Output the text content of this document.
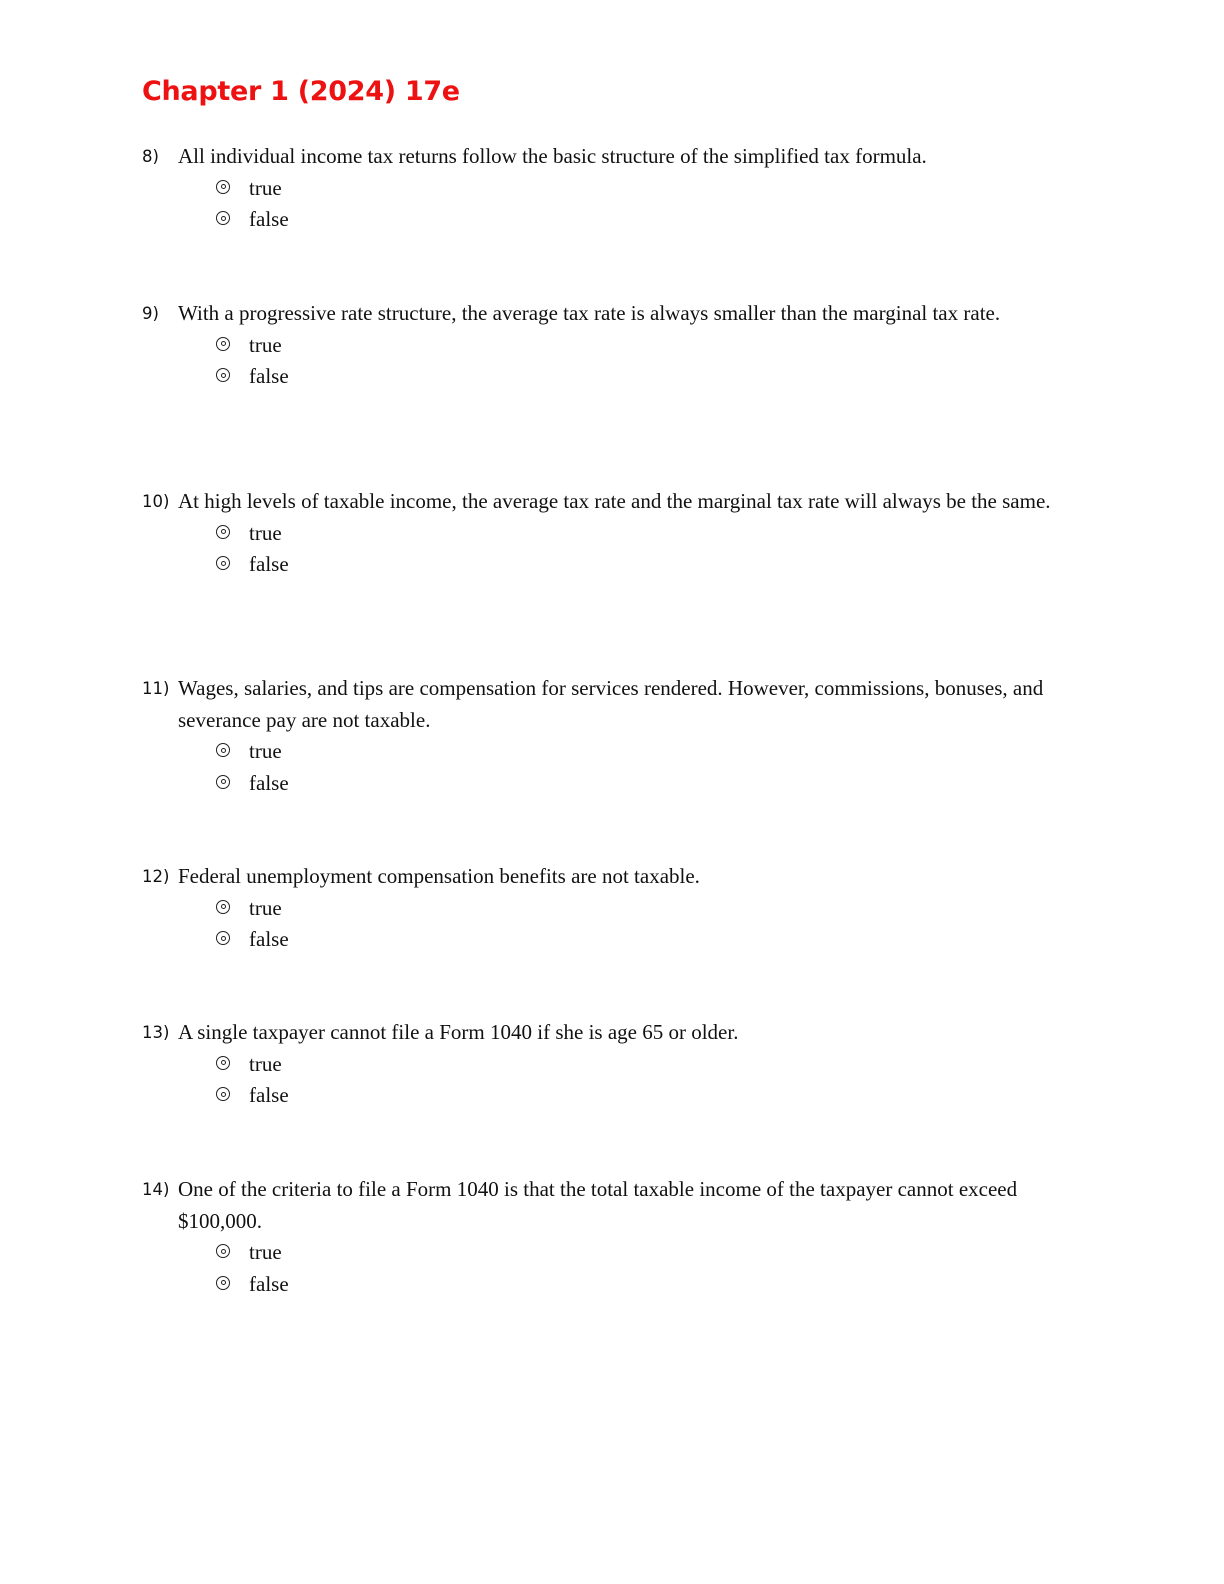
Chapter 1 (2024) 17e
8) All individual income tax returns follow the basic structure of the simplified tax formula.
true
false
9) With a progressive rate structure, the average tax rate is always smaller than the marginal tax rate.
true
false
10) At high levels of taxable income, the average tax rate and the marginal tax rate will always be the same.
true
false
11) Wages, salaries, and tips are compensation for services rendered. However, commissions, bonuses, and severance pay are not taxable.
true
false
12) Federal unemployment compensation benefits are not taxable.
true
false
13) A single taxpayer cannot file a Form 1040 if she is age 65 or older.
true
false
14) One of the criteria to file a Form 1040 is that the total taxable income of the taxpayer cannot exceed $100,000.
true
false
